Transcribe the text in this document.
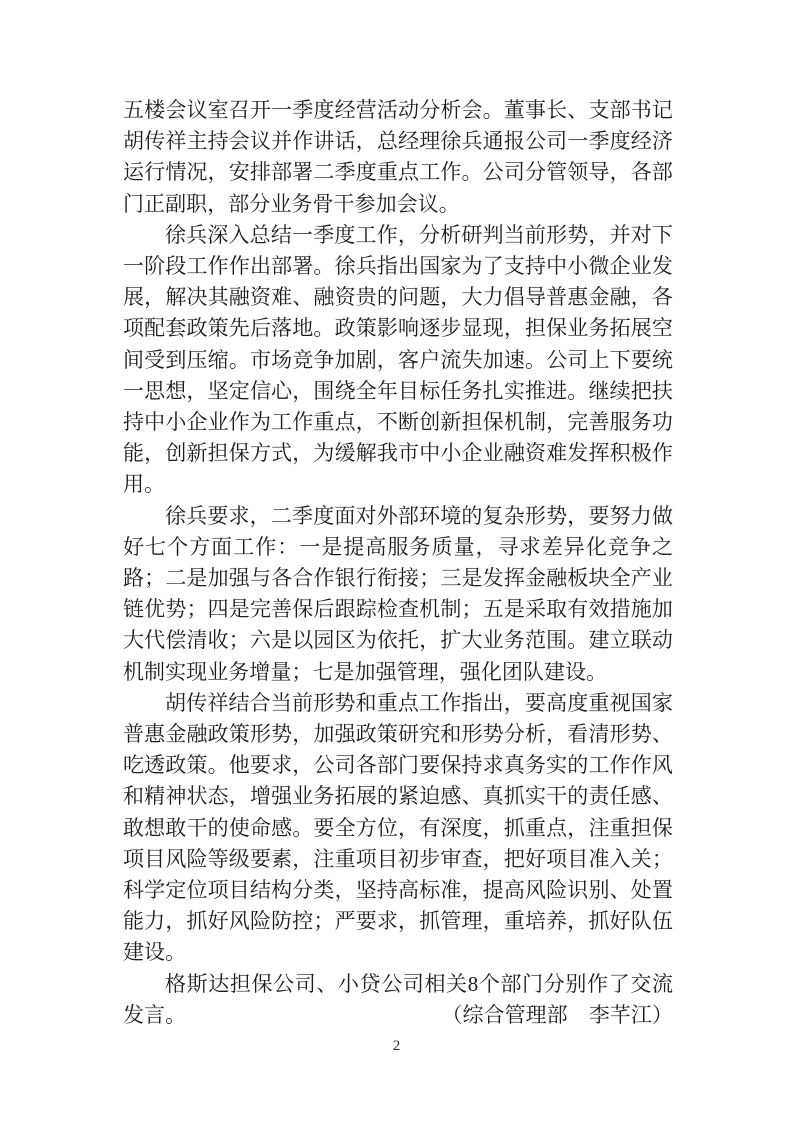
五楼会议室召开一季度经营活动分析会。董事长、支部书记胡传祥主持会议并作讲话，总经理徐兵通报公司一季度经济运行情况，安排部署二季度重点工作。公司分管领导，各部门正副职，部分业务骨干参加会议。

徐兵深入总结一季度工作，分析研判当前形势，并对下一阶段工作作出部署。徐兵指出国家为了支持中小微企业发展，解决其融资难、融资贵的问题，大力倡导普惠金融，各项配套政策先后落地。政策影响逐步显现，担保业务拓展空间受到压缩。市场竞争加剧，客户流失加速。公司上下要统一思想，坚定信心，围绕全年目标任务扎实推进。继续把扶持中小企业作为工作重点，不断创新担保机制，完善服务功能，创新担保方式，为缓解我市中小企业融资难发挥积极作用。

徐兵要求，二季度面对外部环境的复杂形势，要努力做好七个方面工作：一是提高服务质量，寻求差异化竞争之路；二是加强与各合作银行衔接；三是发挥金融板块全产业链优势；四是完善保后跟踪检查机制；五是采取有效措施加大代偿清收；六是以园区为依托，扩大业务范围。建立联动机制实现业务增量；七是加强管理，强化团队建设。

胡传祥结合当前形势和重点工作指出，要高度重视国家普惠金融政策形势，加强政策研究和形势分析，看清形势、吃透政策。他要求，公司各部门要保持求真务实的工作作风和精神状态，增强业务拓展的紧迫感、真抓实干的责任感、敢想敢干的使命感。要全方位，有深度，抓重点，注重担保项目风险等级要素，注重项目初步审查，把好项目准入关；科学定位项目结构分类，坚持高标准，提高风险识别、处置能力，抓好风险防控；严要求，抓管理，重培养，抓好队伍建设。

格斯达担保公司、小贷公司相关8个部门分别作了交流发言。	（综合管理部　李芊江）

2
